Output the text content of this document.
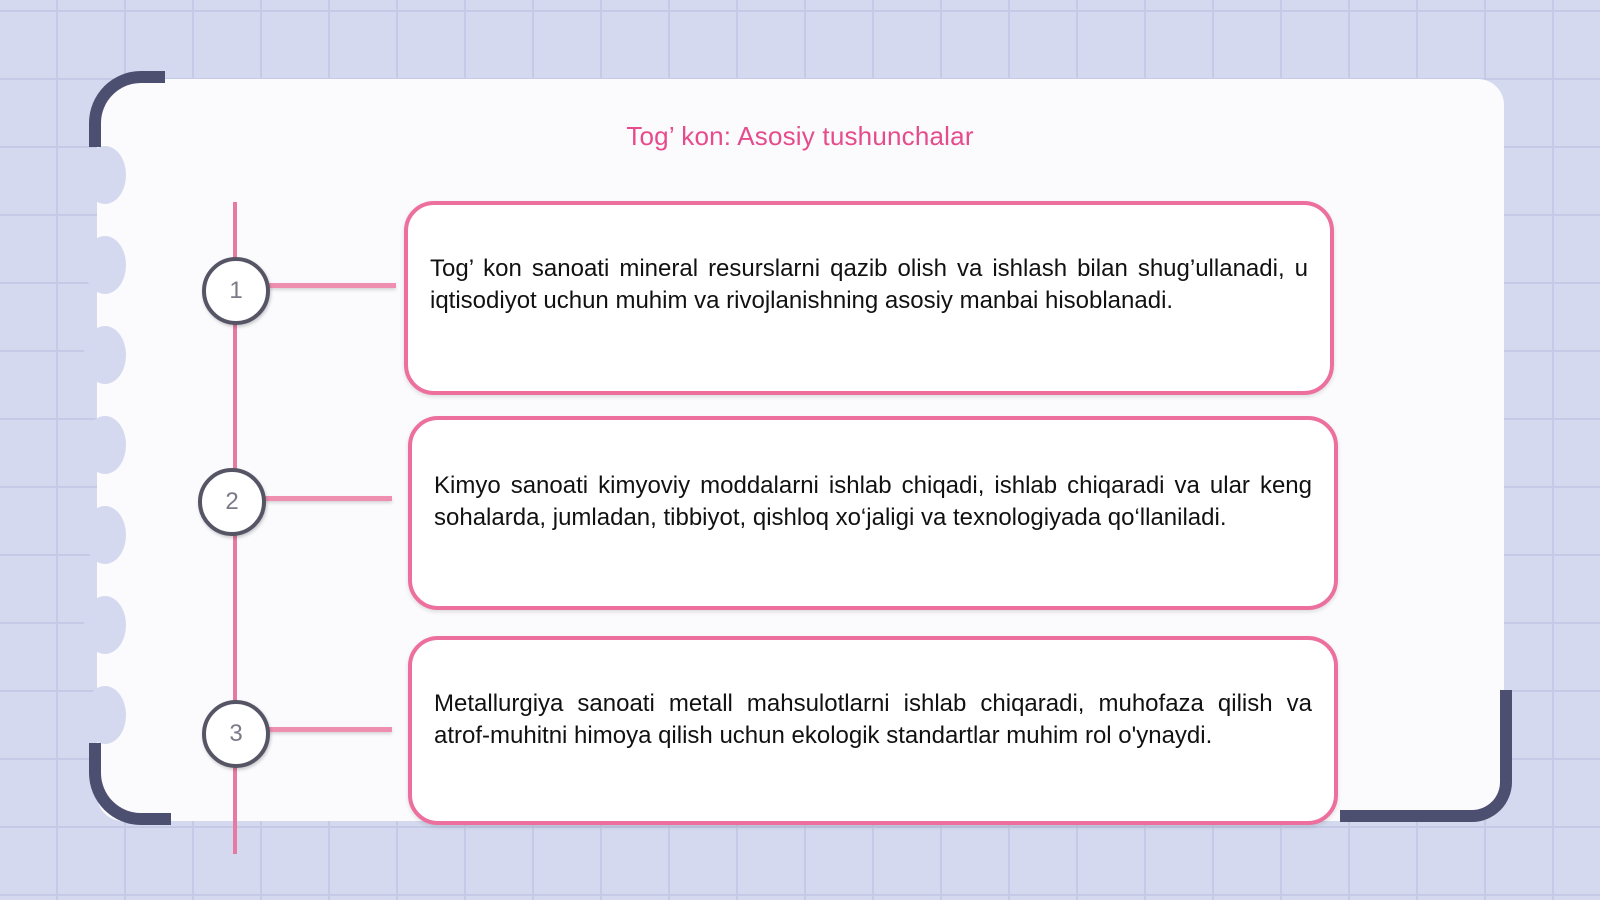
Tog’ kon: Asosiy tushunchalar
1
2
3

Tog’ kon sanoati mineral resurslarni qazib olish va ishlash bilan shug’ullanadi, u iqtisodiyot uchun muhim va rivojlanishning asosiy manbai hisoblanadi.

Kimyo sanoati kimyoviy moddalarni ishlab chiqadi, ishlab chiqaradi va ular keng sohalarda, jumladan, tibbiyot, qishloq xo‘jaligi va texnologiyada qo‘llaniladi.

Metallurgiya sanoati metall mahsulotlarni ishlab chiqaradi, muhofaza qilish va atrof-muhitni himoya qilish uchun ekologik standartlar muhim rol o'ynaydi.
